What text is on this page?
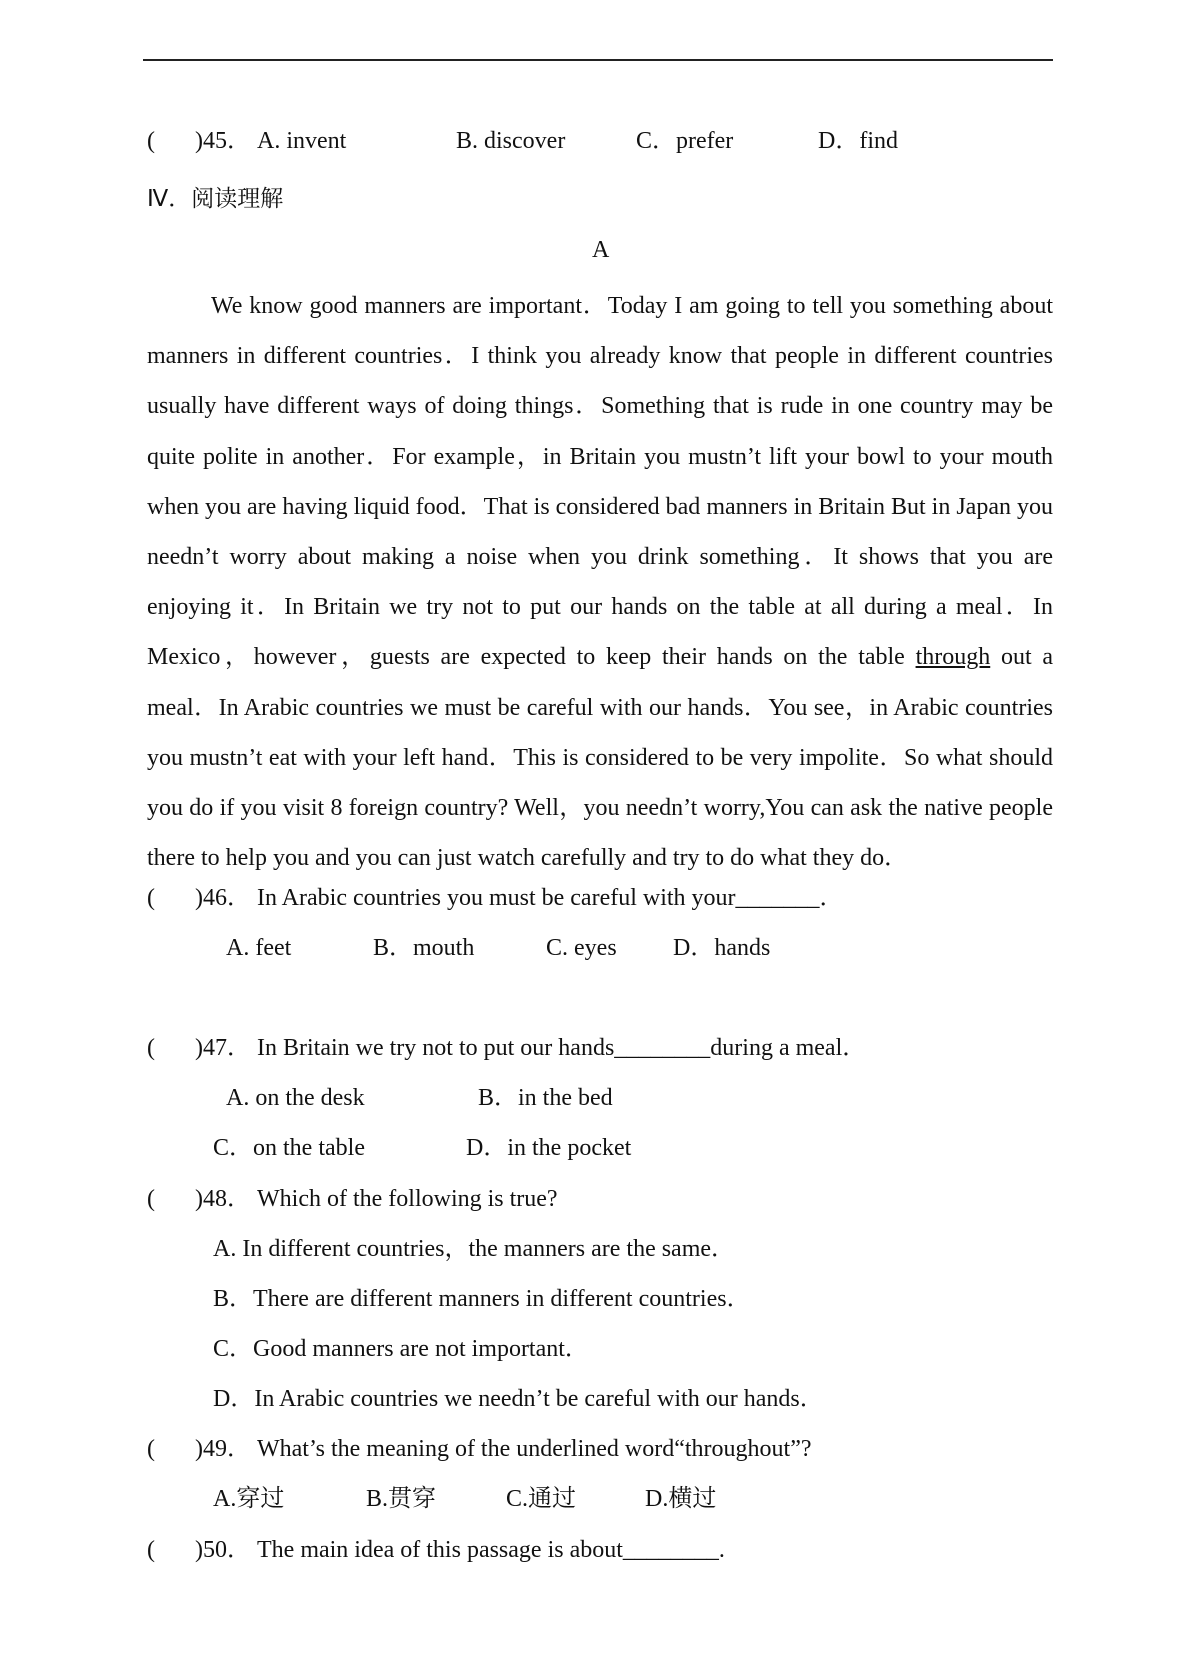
( )45． A. invent	B. discover	C．prefer	D．find
Ⅳ．阅读理解
A

We know good manners are important．Today I am going to tell you something about manners in different countries．I think you already know that people in different countries usually have different ways of doing things．Something that is rude in one country may be quite polite in another．For example，in Britain you mustn’t lift your bowl to your mouth when you are having liquid food．That is considered bad manners in Britain But in Japan you needn’t worry about making a noise when you drink something．It shows that you are enjoying it．In Britain we try not to put our hands on the table at all during a meal．In Mexico，however，guests are expected to keep their hands on the table through out a meal．In Arabic countries we must be careful with our hands．You see，in Arabic countries you mustn’t eat with your left hand．This is considered to be very impolite．So what should you do if you visit 8 foreign country? Well，you needn’t worry,You can ask the native people there to help you and you can just watch carefully and try to do what they do．

( )46． In Arabic countries you must be careful with your_______．
A. feet	B．mouth	C. eyes D．hands
( )47． In Britain we try not to put our hands________during a meal．
A. on the desk	B．in the bed
C．on the table	D．in the pocket
( )48． Which of the following is true?
A. In different countries，the manners are the same．
B．There are different manners in different countries．
C．Good manners are not important．
D．In Arabic countries we needn’t be careful with our hands．
( )49． What’s the meaning of the underlined word“throughout”?
A.穿过	B.贯穿	C.通过	D.横过
( )50． The main idea of this passage is about________.
